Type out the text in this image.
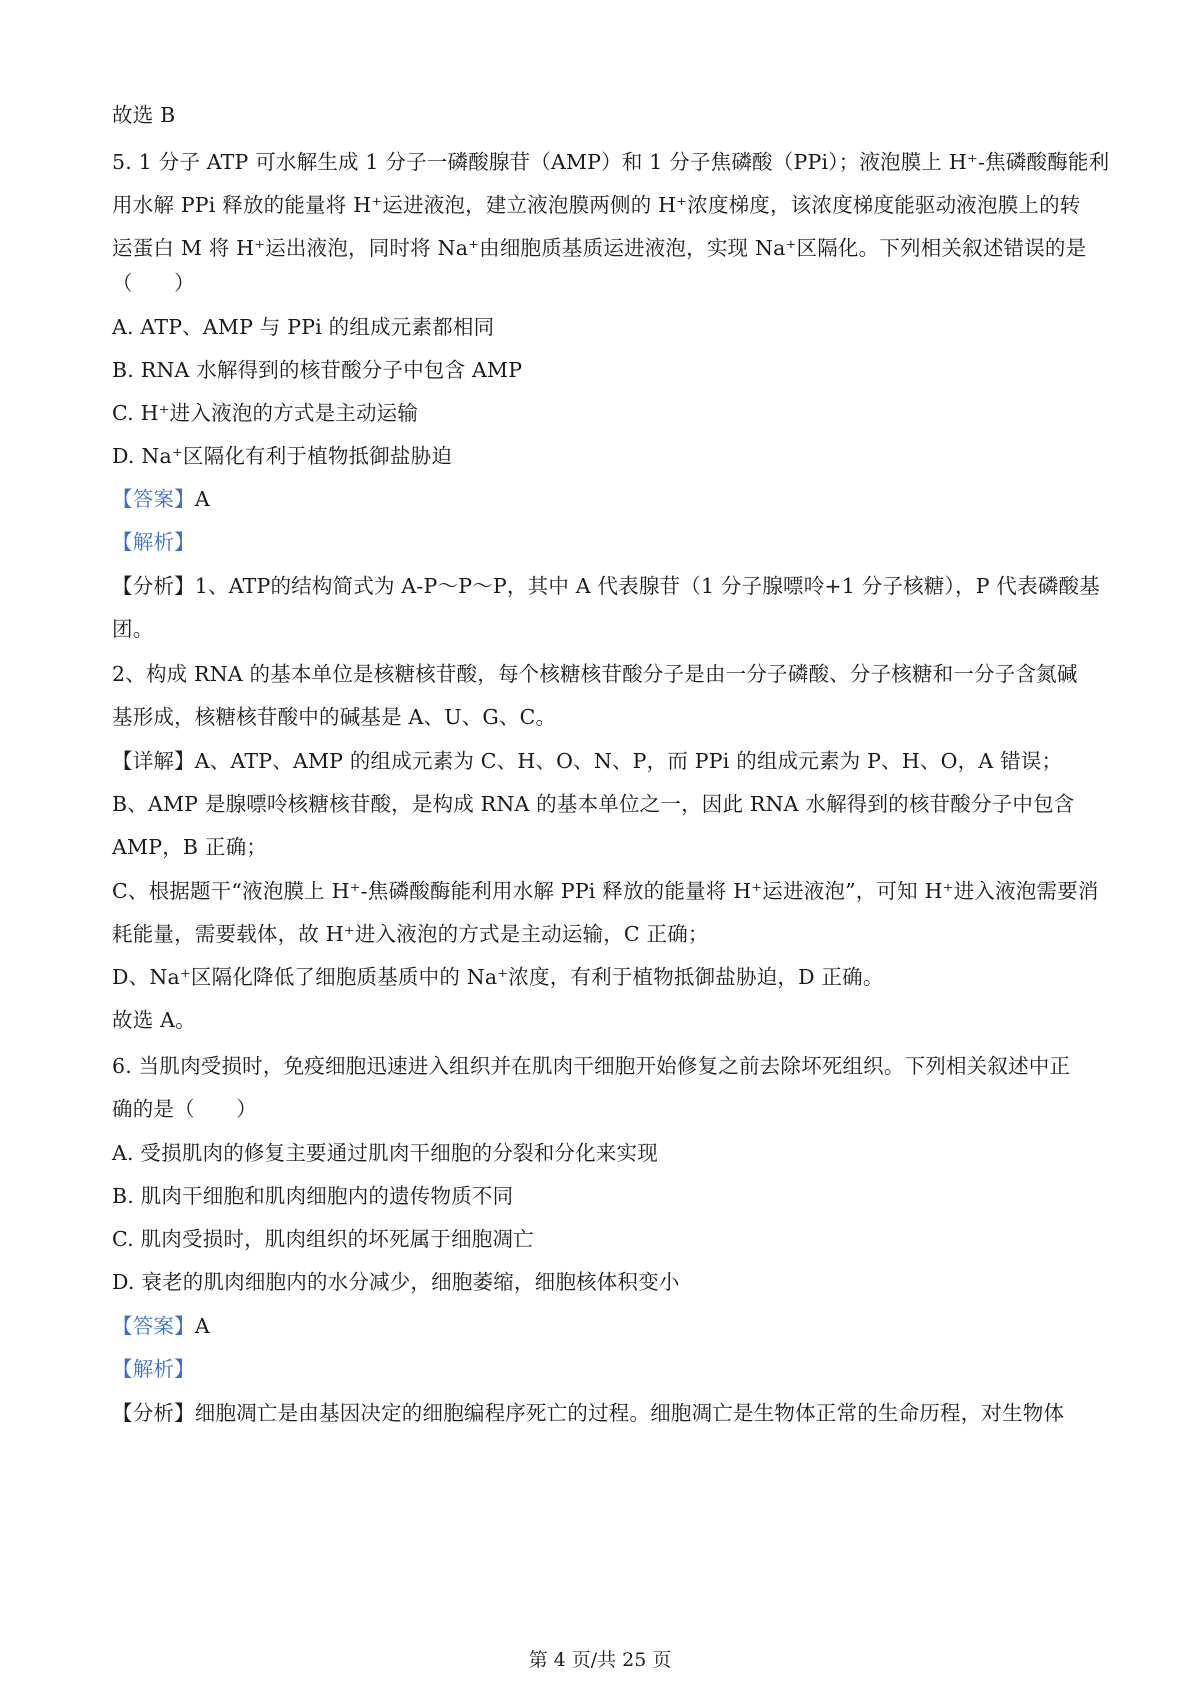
故选 B
5. 1 分子 ATP 可水解生成 1 分子一磷酸腺苷（AMP）和 1 分子焦磷酸（PPi）；液泡膜上 H⁺-焦磷酸酶能利
用水解 PPi 释放的能量将 H⁺运进液泡，建立液泡膜两侧的 H⁺浓度梯度，该浓度梯度能驱动液泡膜上的转
运蛋白 M 将 H⁺运出液泡，同时将 Na⁺由细胞质基质运进液泡，实现 Na⁺区隔化。下列相关叙述错误的是
（　　）
A. ATP、AMP 与 PPi 的组成元素都相同
B. RNA 水解得到的核苷酸分子中包含 AMP
C. H⁺进入液泡的方式是主动运输
D. Na⁺区隔化有利于植物抵御盐胁迫
【答案】A
【解析】
【分析】1、ATP的结构简式为 A-P～P～P，其中 A 代表腺苷（1 分子腺嘌呤+1 分子核糖），P 代表磷酸基
团。
2、构成 RNA 的基本单位是核糖核苷酸，每个核糖核苷酸分子是由一分子磷酸、分子核糖和一分子含氮碱
基形成，核糖核苷酸中的碱基是 A、U、G、C。
【详解】A、ATP、AMP 的组成元素为 C、H、O、N、P，而 PPi 的组成元素为 P、H、O，A 错误；
B、AMP 是腺嘌呤核糖核苷酸，是构成 RNA 的基本单位之一，因此 RNA 水解得到的核苷酸分子中包含
AMP，B 正确；
C、根据题干“液泡膜上 H⁺-焦磷酸酶能利用水解 PPi 释放的能量将 H⁺运进液泡”，可知 H⁺进入液泡需要消
耗能量，需要载体，故 H⁺进入液泡的方式是主动运输，C 正确；
D、Na⁺区隔化降低了细胞质基质中的 Na⁺浓度，有利于植物抵御盐胁迫，D 正确。
故选 A。
6. 当肌肉受损时，免疫细胞迅速进入组织并在肌肉干细胞开始修复之前去除坏死组织。下列相关叙述中正
确的是（　　）
A. 受损肌肉的修复主要通过肌肉干细胞的分裂和分化来实现
B. 肌肉干细胞和肌肉细胞内的遗传物质不同
C. 肌肉受损时，肌肉组织的坏死属于细胞凋亡
D. 衰老的肌肉细胞内的水分减少，细胞萎缩，细胞核体积变小
【答案】A
【解析】
【分析】细胞凋亡是由基因决定的细胞编程序死亡的过程。细胞凋亡是生物体正常的生命历程，对生物体
第 4 页/共 25 页
